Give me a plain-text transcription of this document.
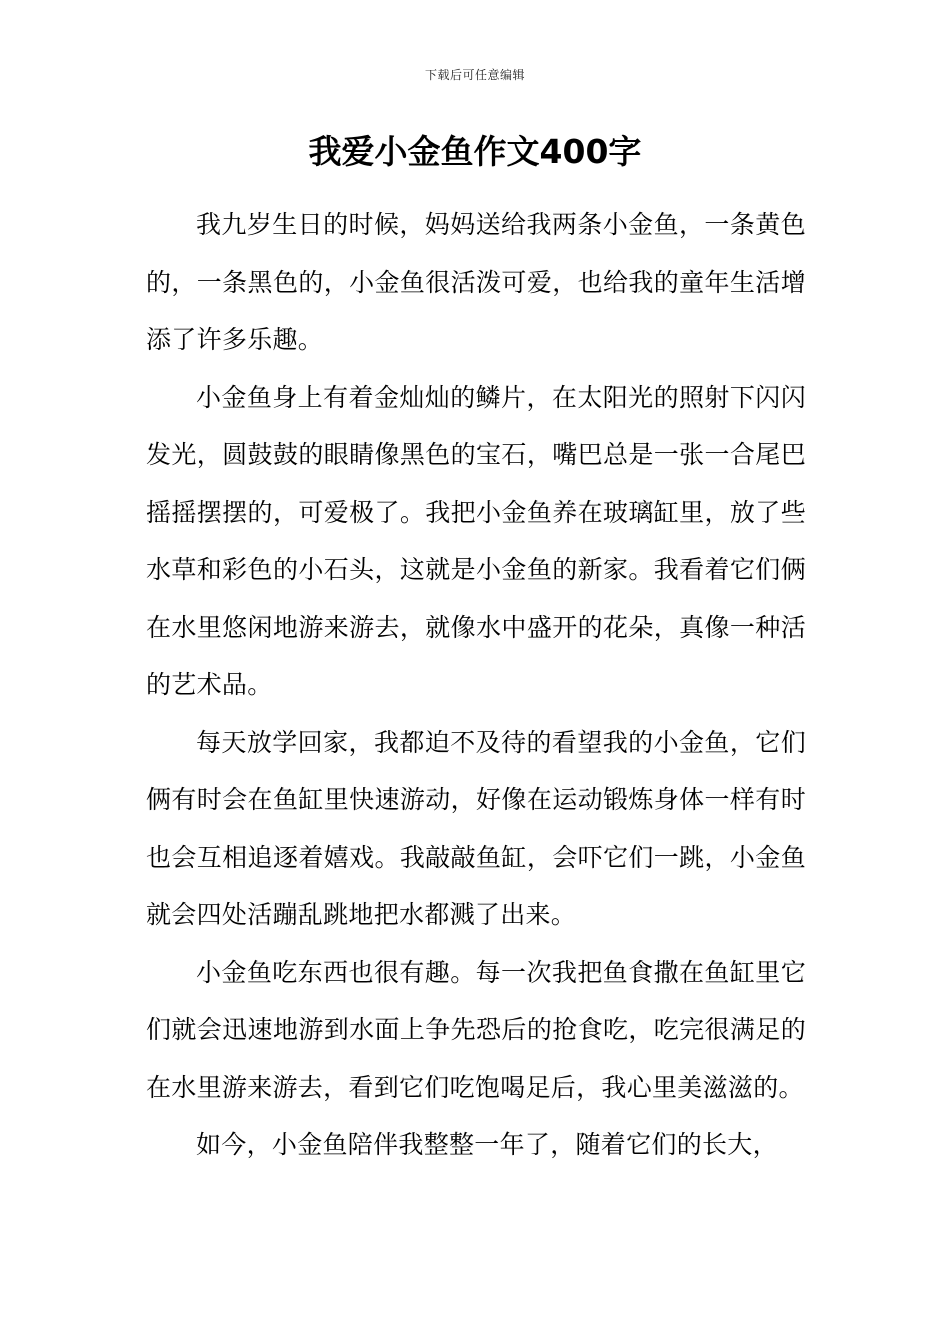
下载后可任意编辑
我爱小金鱼作文400字

我九岁生日的时候，妈妈送给我两条小金鱼，一条黄色的，一条黑色的，小金鱼很活泼可爱，也给我的童年生活增添了许多乐趣。

小金鱼身上有着金灿灿的鳞片，在太阳光的照射下闪闪发光，圆鼓鼓的眼睛像黑色的宝石，嘴巴总是一张一合尾巴摇摇摆摆的，可爱极了。我把小金鱼养在玻璃缸里，放了些水草和彩色的小石头，这就是小金鱼的新家。我看着它们俩在水里悠闲地游来游去，就像水中盛开的花朵，真像一种活的艺术品。

每天放学回家，我都迫不及待的看望我的小金鱼，它们俩有时会在鱼缸里快速游动，好像在运动锻炼身体一样有时也会互相追逐着嬉戏。我敲敲鱼缸，会吓它们一跳，小金鱼就会四处活蹦乱跳地把水都溅了出来。

小金鱼吃东西也很有趣。每一次我把鱼食撒在鱼缸里它们就会迅速地游到水面上争先恐后的抢食吃，吃完很满足的在水里游来游去，看到它们吃饱喝足后，我心里美滋滋的。

如今，小金鱼陪伴我整整一年了，随着它们的长大，
